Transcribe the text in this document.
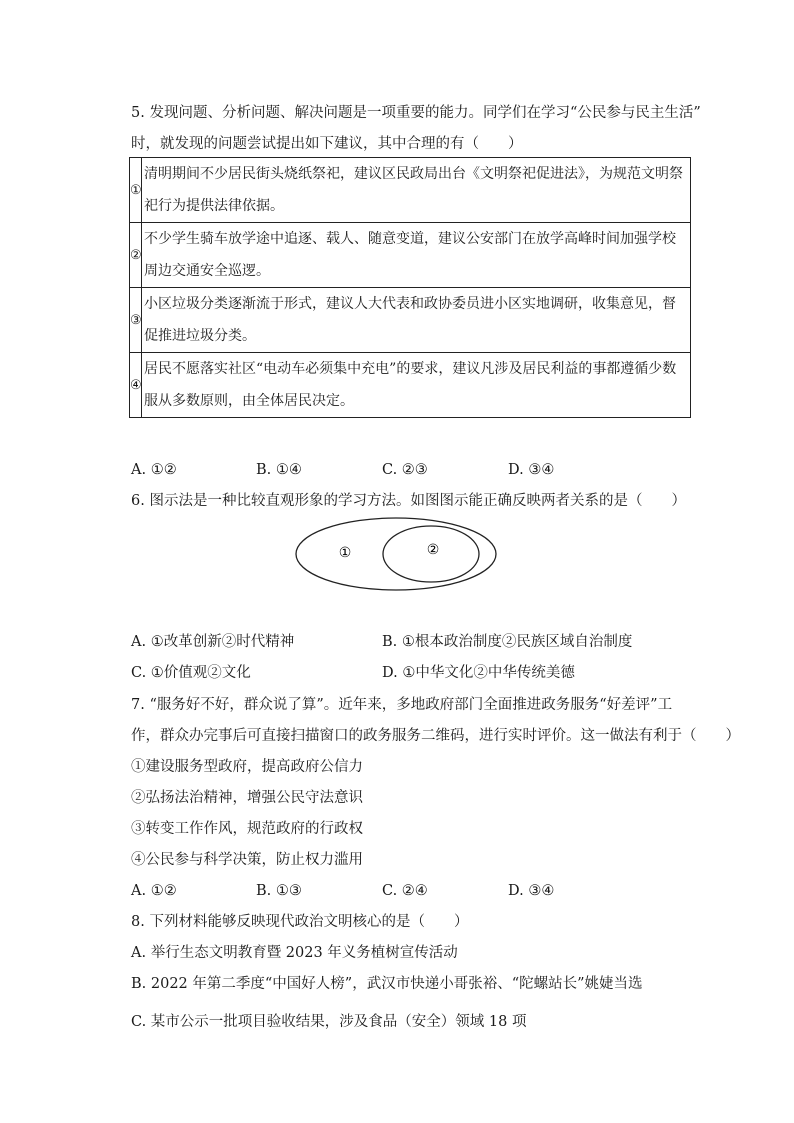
5. 发现问题、分析问题、解决问题是一项重要的能力。同学们在学习“公民参与民主生活”
时，就发现的问题尝试提出如下建议，其中合理的有（　　）
①	清明期间不少居民街头烧纸祭祀，建议区民政局出台《文明祭祀促进法》，为规范文明祭祀行为提供法律依据。
②	不少学生骑车放学途中追逐、载人、随意变道，建议公安部门在放学高峰时间加强学校周边交通安全巡逻。
③	小区垃圾分类逐渐流于形式，建议人大代表和政协委员进小区实地调研，收集意见，督促推进垃圾分类。
④	居民不愿落实社区“电动车必须集中充电”的要求，建议凡涉及居民利益的事都遵循少数服从多数原则，由全体居民决定。
A. ①②	B. ①④	C. ②③	D. ③④
6. 图示法是一种比较直观形象的学习方法。如图图示能正确反映两者关系的是（　　）
①	②
A. ①改革创新②时代精神	B. ①根本政治制度②民族区域自治制度
C. ①价值观②文化	D. ①中华文化②中华传统美德
7. “服务好不好，群众说了算”。近年来，多地政府部门全面推进政务服务“好差评”工
作，群众办完事后可直接扫描窗口的政务服务二维码，进行实时评价。这一做法有利于（　　）
①建设服务型政府，提高政府公信力
②弘扬法治精神，增强公民守法意识
③转变工作作风，规范政府的行政权
④公民参与科学决策，防止权力滥用
A. ①②	B. ①③	C. ②④	D. ③④
8. 下列材料能够反映现代政治文明核心的是（　　）
A. 举行生态文明教育暨 2023 年义务植树宣传活动
B. 2022 年第二季度“中国好人榜”，武汉市快递小哥张裕、“陀螺站长”姚婕当选
C. 某市公示一批项目验收结果，涉及食品（安全）领域 18 项
